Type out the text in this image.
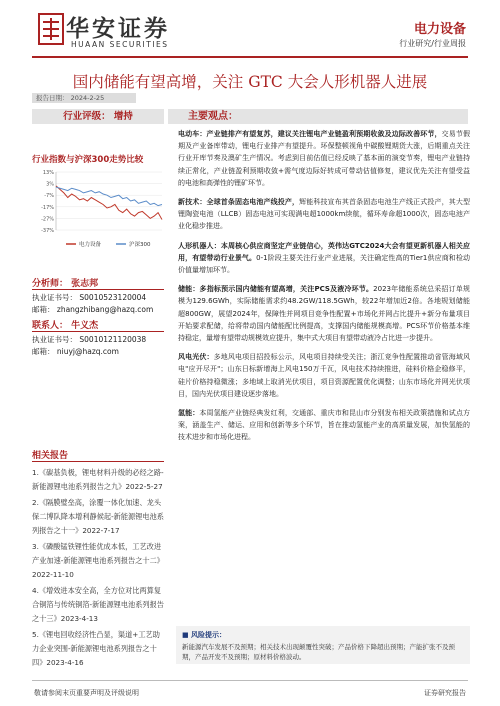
华安证券
HUAAN SECURITIES
电力设备
行业研究/行业周报
国内储能有望高增，关注 GTC 大会人形机器人进展
报告日期： 2024-2-25
行业评级： 增持	主要观点：
行业指数与沪深300走势比较
13%
3%
-7%
-17%
-27%
-37%
电力设备	沪深300
分析师： 张志邦
执业证书号： S0010523120004
邮箱： zhangzhibang@hazq.com
联系人： 牛义杰
执业证书号： S0010121120038
邮箱： niuyj@hazq.com
相关报告
1.《碳基负极，锂电材料升级的必经之路-新能源锂电池系列报告之九》2022-5-27
2.《隔膜璧垒高，涂覆一体化加速、龙头保二博队降本增利静候起-新能源锂电池系列报告之十一》2022-7-17
3.《磷酸锰铁锂性能优成本低，工艺改进产业加速-新能源锂电池系列报告之十二》2022-11-10
4.《增效进本安全高，全方位对比两算复合铜箔与传统铜箔-新能源锂电池系列报告之十三》2023-4-13
5.《锂电回收经济性凸显，渠道+工艺助力企业突围-新能源锂电池系列报告之十四》2023-4-16
电动车：产业链排产有望复苏，建议关注锂电产业链盈利预期收敛及边际改善环节，交易节假期及产业备库带动，锂电行业排产有望提升。环保整顿视角中碳酸锂期货大涨，后期重点关注行业开库节奏及澳矿生产情况。考虑到目前估值已经反映了基本面的演变节奏，锂电产业链持续正常化，产业链盈利预期收敛+需气度边际好转成可带动估值修复，建议优先关注有望受益的电池和高弹性的锂矿环节。
新技术：全球首条固态电池产线投产，辉能科技宣布其首条固态电池生产线正式投产，其大型锂陶瓷电池（LLCB）固态电池可实现满电超1000km续航，循环寿命超1000次，固态电池产业化稳步推进。
人形机器人：本周核心供应商坚定产业链信心，英伟达GTC2024大会有望更新机器人相关应用，有望带动行业景气。0-1阶段主要关注行业产业进展，关注确定性高的Tier1供应商和检动价值量增加环节。
储能：多指标预示国内储能有望高增，关注PCS及液冷环节。2023年储能系统总采招订单规模为129.6GWh，实际储能需求约48.2GW/118.5GWh，较22年增加近2倍。各地规划储能超800GW，展望2024年，保障性并网项目竞争性配置+市场化并网占比提升+新分布量项目开始要求配储，给将带动国内储能配比例提高，支撑国内储能规模高增。PCS环节价格基本维持稳定，量增有望带动规模效应提升，集中式大项目有望带动液冷占比进一步提升。
风电光伏：多地风电项目招投标公示，风电项目持续受关注；浙江竞争性配置推动省管海域风电"应开尽开"；山东日标新增海上风电150万千瓦，风电技术持续推进，硅料价格企稳修平，硅片价格持稳微涨；多地域上取消光伏项目，项目资源配置优化调整；山东市场化并网光伏项目，国内光伏项目建设逐步落地。
氢能：本周氢能产业链经典发红利，交通部、重庆市和昆山市分别发布相关政策措施和试点方案，涵盖生产、储运、应用和创新等多个环节，旨在推动氢能产业的高质量发展，加快氢能的技术进步和市场化进程。
■ 风险提示：
新能源汽车发展不及预期；相关技术出现颠覆性突破；产品价格下降超出预期；产能扩张不及预期，产品开发不及预期；原材料价格波动。
敬请参阅末页重要声明及评级说明	证券研究报告
